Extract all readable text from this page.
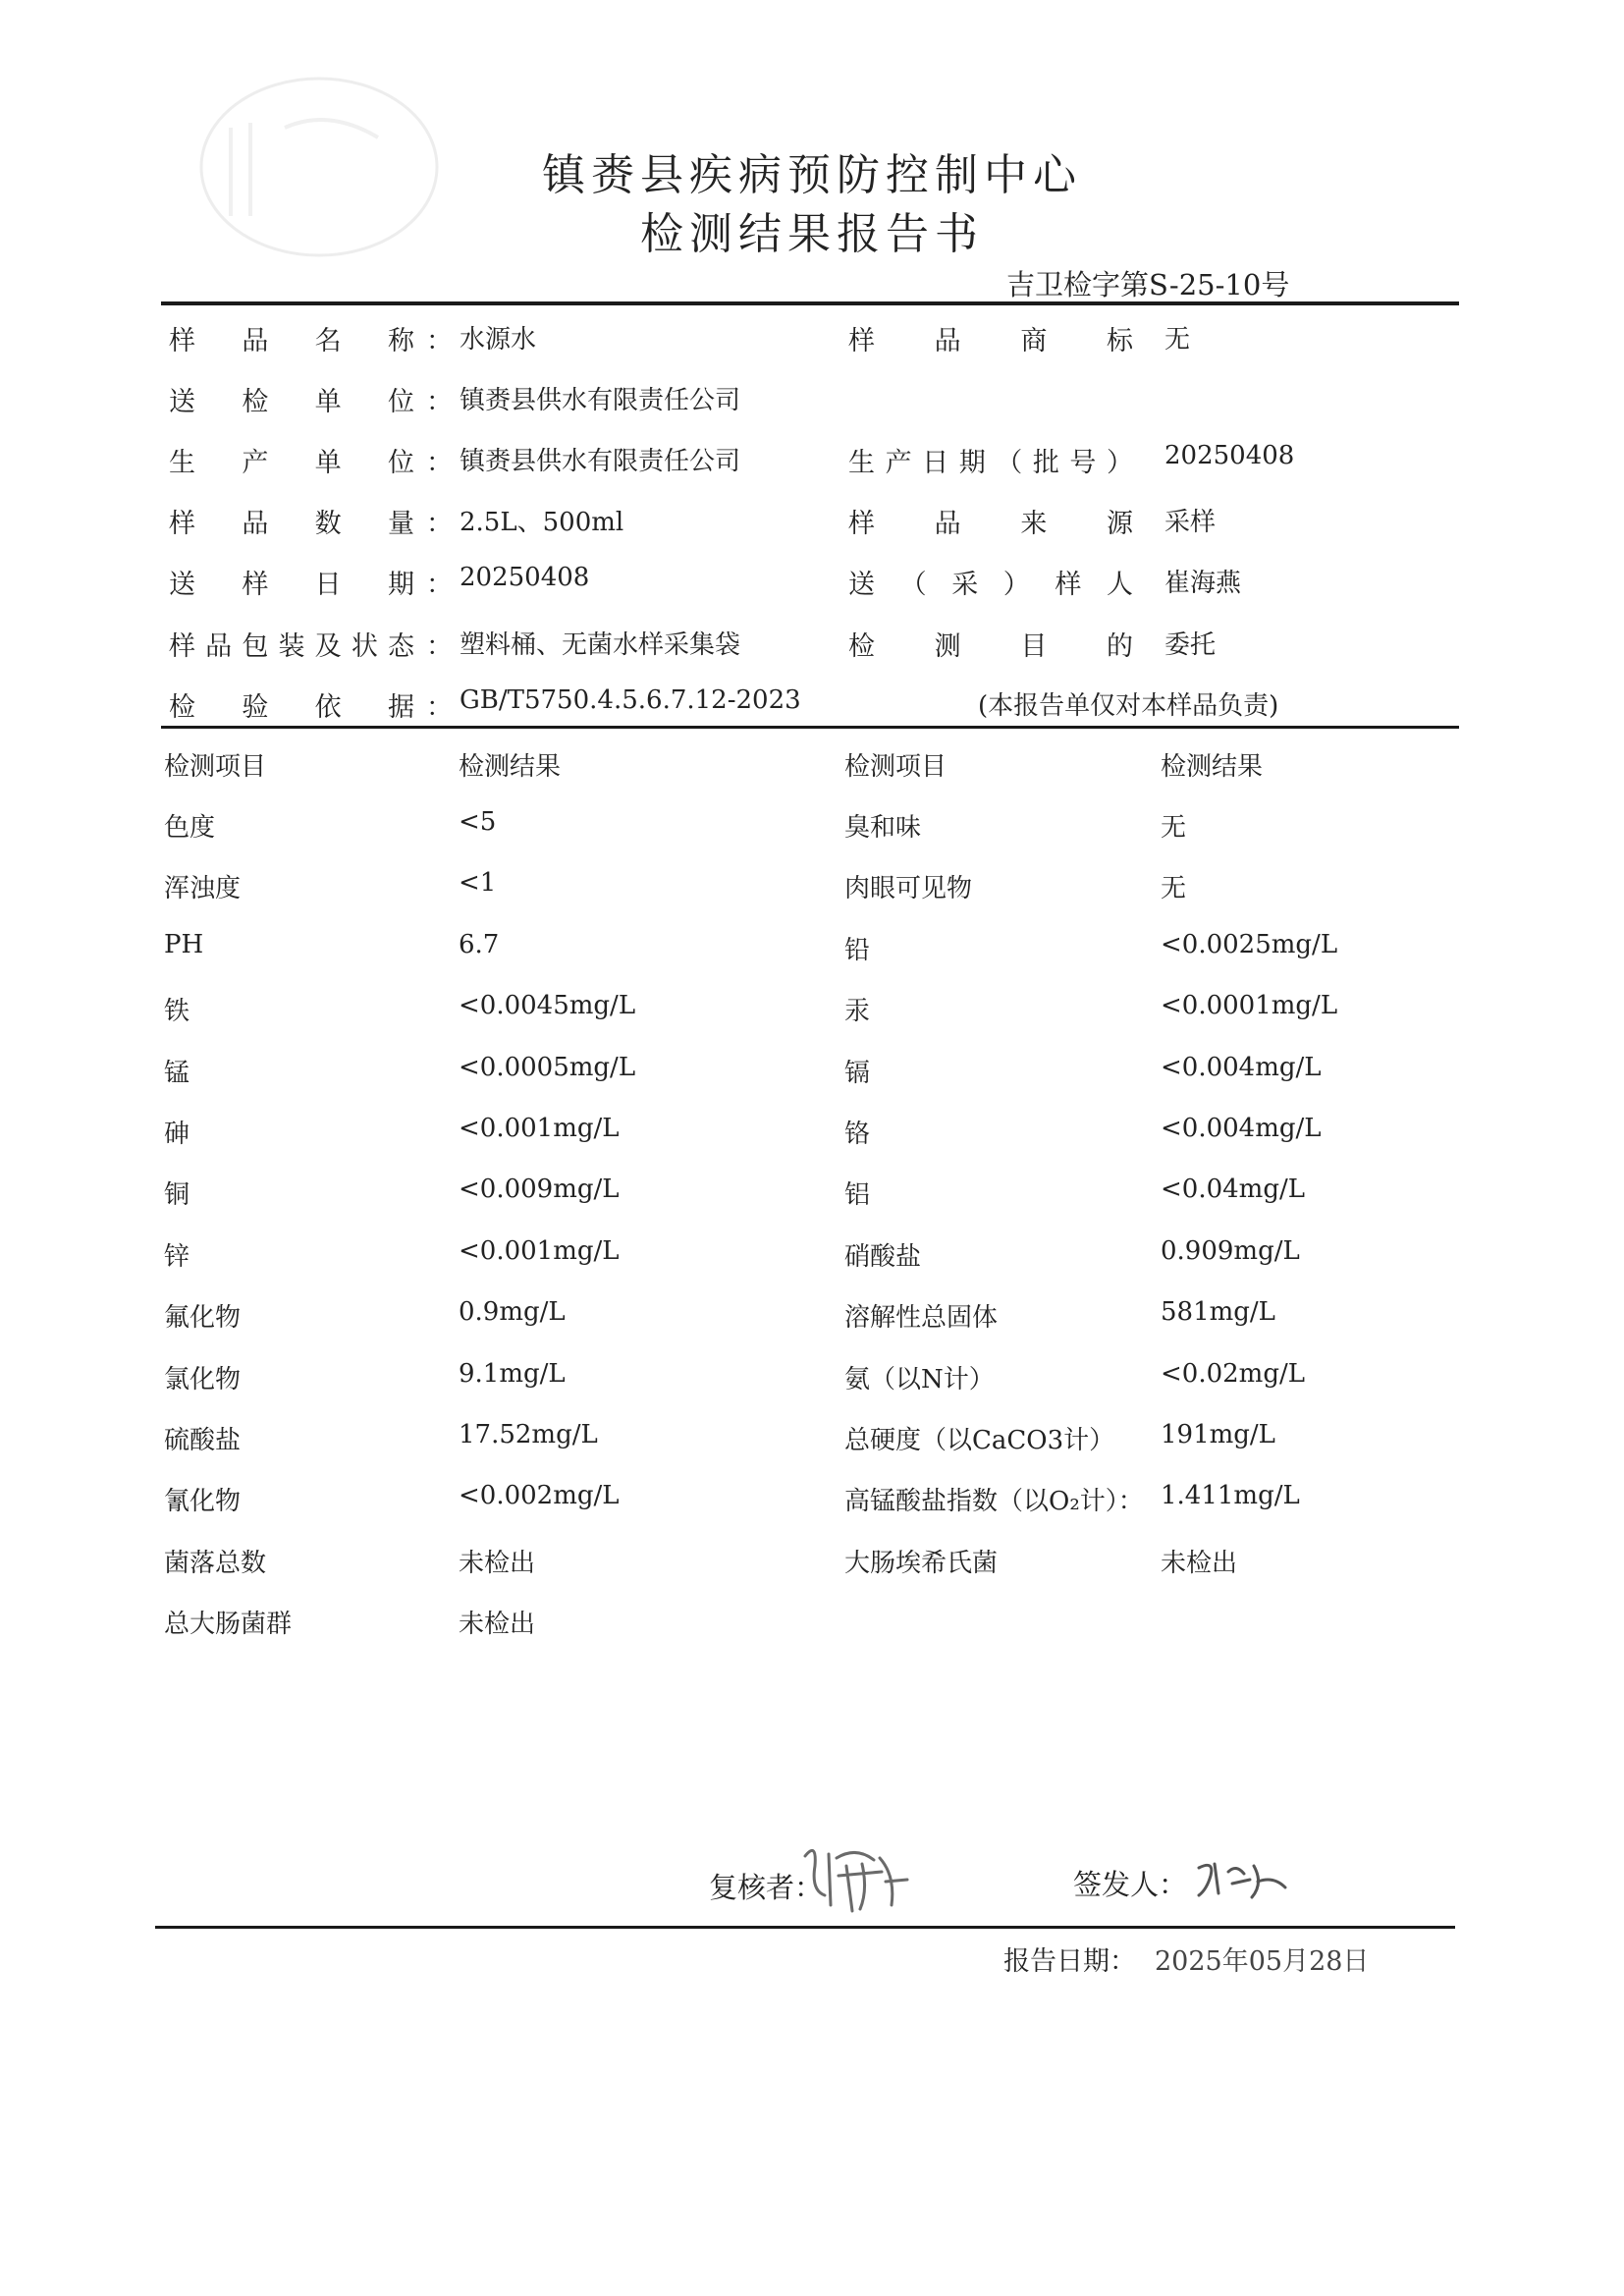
镇赉县疾病预防控制中心
检测结果报告书
吉卫检字第S-25-10号
样品名称 ： 水源水	样品商标 无
送检单位 ： 镇赉县供水有限责任公司
生产单位 ： 镇赉县供水有限责任公司	生产日期（批号） 20250408
样品数量 ： 2.5L、500ml	样品来源 采样
送样日期 ： 20250408	送（采）样人 崔海燕
样品包装及状态 ： 塑料桶、无菌水样采集袋	检测目的 委托
检验依据 ： GB/T5750.4.5.6.7.12-2023	(本报告单仅对本样品负责)
检测项目	检测结果	检测项目	检测结果
色度	<5	臭和味	无
浑浊度	<1	肉眼可见物	无
PH	6.7	铅	<0.0025mg/L
铁	<0.0045mg/L	汞	<0.0001mg/L
锰	<0.0005mg/L	镉	<0.004mg/L
砷	<0.001mg/L	铬	<0.004mg/L
铜	<0.009mg/L	铝	<0.04mg/L
锌	<0.001mg/L	硝酸盐	0.909mg/L
氟化物	0.9mg/L	溶解性总固体	581mg/L
氯化物	9.1mg/L	氨（以N计）	<0.02mg/L
硫酸盐	17.52mg/L	总硬度（以CaCO3计） 191mg/L
氰化物	<0.002mg/L	高锰酸盐指数（以O₂计）： 1.411mg/L
菌落总数	未检出	大肠埃希氏菌	未检出
总大肠菌群	未检出
复核者：	签发人：
报告日期： 2025年05月28日
